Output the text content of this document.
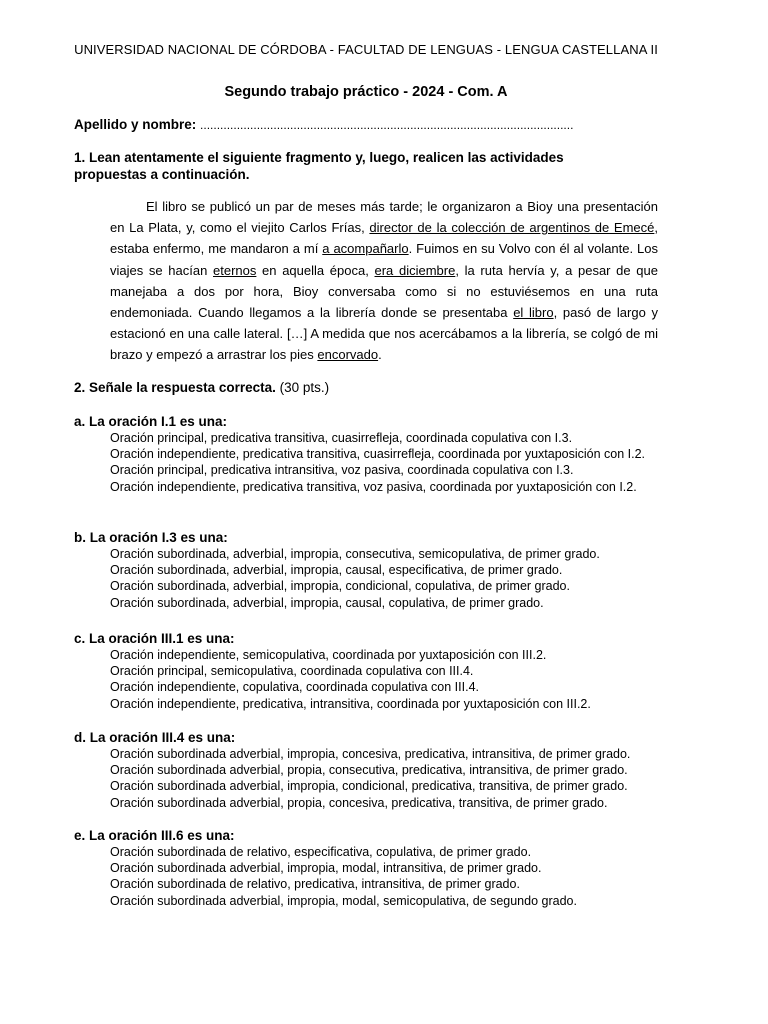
UNIVERSIDAD NACIONAL DE CÓRDOBA - FACULTAD DE LENGUAS - LENGUA CASTELLANA II
Segundo trabajo práctico - 2024 - Com. A
Apellido y nombre: ................................................................................................................
1. Lean atentamente el siguiente fragmento y, luego, realicen las actividades propuestas a continuación.
El libro se publicó un par de meses más tarde; le organizaron a Bioy una presentación en La Plata, y, como el viejito Carlos Frías, director de la colección de argentinos de Emecé, estaba enfermo, me mandaron a mí a acompañarlo. Fuimos en su Volvo con él al volante. Los viajes se hacían eternos en aquella época, era diciembre, la ruta hervía y, a pesar de que manejaba a dos por hora, Bioy conversaba como si no estuviésemos en una ruta endemoniada. Cuando llegamos a la librería donde se presentaba el libro, pasó de largo y estacionó en una calle lateral. […] A medida que nos acercábamos a la librería, se colgó de mi brazo y empezó a arrastrar los pies encorvado.
2. Señale la respuesta correcta. (30 pts.)
a. La oración I.1 es una:
Oración principal, predicativa transitiva, cuasirrefleja, coordinada copulativa con I.3.
Oración independiente, predicativa transitiva, cuasirrefleja, coordinada por yuxtaposición con I.2.
Oración principal, predicativa intransitiva, voz pasiva, coordinada copulativa con I.3.
Oración independiente, predicativa transitiva, voz pasiva, coordinada por yuxtaposición con I.2.
b. La oración I.3 es una:
Oración subordinada, adverbial, impropia, consecutiva, semicopulativa, de primer grado.
Oración subordinada, adverbial, impropia, causal, especificativa, de primer grado.
Oración subordinada, adverbial, impropia, condicional, copulativa, de primer grado.
Oración subordinada, adverbial, impropia, causal, copulativa, de primer grado.
c. La oración III.1 es una:
Oración independiente, semicopulativa, coordinada por yuxtaposición con III.2.
Oración principal, semicopulativa, coordinada copulativa con III.4.
Oración independiente, copulativa, coordinada copulativa con III.4.
Oración independiente, predicativa, intransitiva, coordinada por yuxtaposición con III.2.
d. La oración III.4 es una:
Oración subordinada adverbial, impropia, concesiva, predicativa, intransitiva, de primer grado.
Oración subordinada adverbial, propia, consecutiva, predicativa, intransitiva, de primer grado.
Oración subordinada adverbial, impropia, condicional, predicativa, transitiva, de primer grado.
Oración subordinada adverbial, propia, concesiva, predicativa, transitiva, de primer grado.
e. La oración III.6 es una:
Oración subordinada de relativo, especificativa, copulativa, de primer grado.
Oración subordinada adverbial, impropia, modal, intransitiva, de primer grado.
Oración subordinada de relativo, predicativa, intransitiva, de primer grado.
Oración subordinada adverbial, impropia, modal, semicopulativa, de segundo grado.
